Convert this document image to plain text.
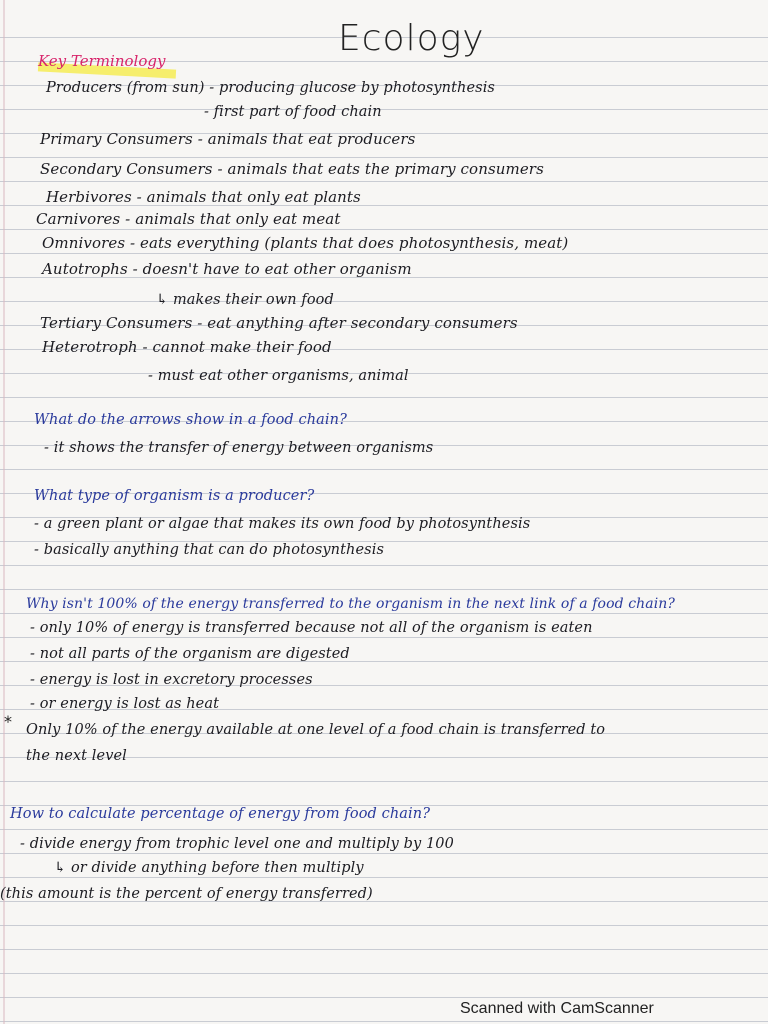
Ecology
Key Terminology
Producers (from sun) - producing glucose by photosynthesis
- first part of food chain
Primary Consumers - animals that eat producers
Secondary Consumers - animals that eats the primary consumers
Herbivores - animals that only eat plants
Carnivores - animals that only eat meat
Omnivores - eats everything (plants that does photosynthesis, meat)
Autotrophs - doesn't have to eat other organism
↳ makes their own food
Tertiary Consumers - eat anything after secondary consumers
Heterotroph - cannot make their food
- must eat other organisms, animal
What do the arrows show in a food chain?
- it shows the transfer of energy between organisms
What type of organism is a producer?
- a green plant or algae that makes its own food by photosynthesis
- basically anything that can do photosynthesis
Why isn't 100% of the energy transferred to the organism in the next link of a food chain?
- only 10% of energy is transferred because not all of the organism is eaten
- not all parts of the organism are digested
- energy is lost in excretory processes
- or energy is lost as heat
* Only 10% of the energy available at one level of a food chain is transferred to
the next level
How to calculate percentage of energy from food chain?
- divide energy from trophic level one and multiply by 100
↳ or divide anything before then multiply
(this amount is the percent of energy transferred)
Scanned with CamScanner
